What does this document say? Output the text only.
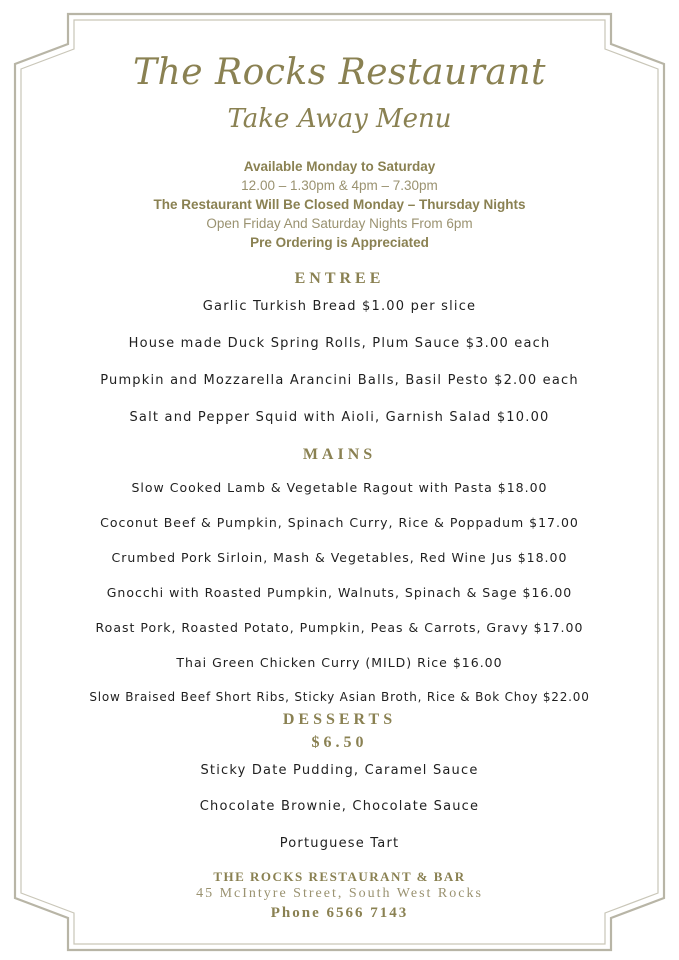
The Rocks Restaurant
Take Away Menu
Available Monday to Saturday
12.00 – 1.30pm & 4pm – 7.30pm
The Restaurant Will Be Closed Monday – Thursday Nights
Open Friday And Saturday Nights From 6pm
Pre Ordering is Appreciated
ENTREE
Garlic Turkish Bread $1.00 per slice
House made Duck Spring Rolls, Plum Sauce $3.00 each
Pumpkin and Mozzarella Arancini Balls, Basil Pesto $2.00 each
Salt and Pepper Squid with Aioli, Garnish Salad $10.00
MAINS
Slow Cooked Lamb & Vegetable Ragout with Pasta $18.00
Coconut Beef & Pumpkin, Spinach Curry, Rice & Poppadum $17.00
Crumbed Pork Sirloin, Mash & Vegetables, Red Wine Jus $18.00
Gnocchi with Roasted Pumpkin, Walnuts, Spinach & Sage $16.00
Roast Pork, Roasted Potato, Pumpkin, Peas & Carrots, Gravy $17.00
Thai Green Chicken Curry (MILD) Rice $16.00
Slow Braised Beef Short Ribs, Sticky Asian Broth, Rice & Bok Choy $22.00
DESSERTS
$6.50
Sticky Date Pudding, Caramel Sauce
Chocolate Brownie, Chocolate Sauce
Portuguese Tart
THE ROCKS RESTAURANT & BAR
45 McIntyre Street, South West Rocks
Phone 6566 7143
